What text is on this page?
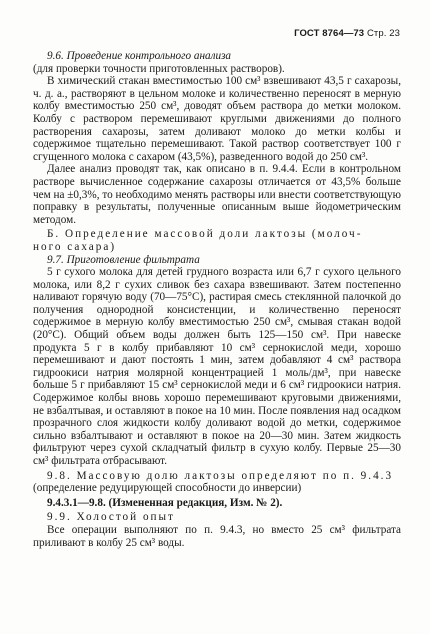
ГОСТ 8764—73 Стр. 23

9.6. Проведение контрольного анализа

(для проверки точности приготовленных растворов).

В химический стакан вместимостью 100 см³ взвешивают 43,5 г сахарозы, ч. д. а., растворяют в цельном молоке и количественно переносят в мерную колбу вместимостью 250 см³, доводят объем раствора до метки молоком. Колбу с раствором перемешивают круглыми движениями до полного растворения сахарозы, затем доливают молоко до метки колбы и содержимое тщательно перемешивают. Такой раствор соответствует 100 г сгущенного молока с сахаром (43,5%), разведенного водой до 250 см³.

Далее анализ проводят так, как описано в п. 9.4.4. Если в контрольном растворе вычисленное содержание сахарозы отличается от 43,5% больше чем на ±0,3%, то необходимо менять растворы или внести соответствующую поправку в результаты, полученные описанным выше йодометрическим методом.

Б. Определение массовой доли лактозы (молоч-
ного сахара)

9.7. Приготовление фильтрата

5 г сухого молока для детей грудного возраста или 6,7 г сухого цельного молока, или 8,2 г сухих сливок без сахара взвешивают. Затем постепенно наливают горячую воду (70—75°С), растирая смесь стеклянной палочкой до получения однородной консистенции, и количественно переносят содержимое в мерную колбу вместимостью 250 см³, смывая стакан водой (20°С). Общий объем воды должен быть 125—150 см³. При навеске продукта 5 г в колбу прибавляют 10 см³ сернокислой меди, хорошо перемешивают и дают постоять 1 мин, затем добавляют 4 см³ раствора гидроокиси натрия молярной концентрацией 1 моль/дм³, при навеске больше 5 г прибавляют 15 см³ сернокислой меди и 6 см³ гидроокиси натрия. Содержимое колбы вновь хорошо перемешивают круговыми движениями, не взбалтывая, и оставляют в покое на 10 мин. После появления над осадком прозрачного слоя жидкости колбу доливают водой до метки, содержимое сильно взбалтывают и оставляют в покое на 20—30 мин. Затем жидкость фильтруют через сухой складчатый фильтр в сухую колбу. Первые 25—30 см³ фильтрата отбрасывают.

9.8. Массовую долю лактозы определяют по п. 9.4.3

(определение редуцирующей способности до инверсии)

9.4.3.1—9.8. (Измененная редакция, Изм. № 2).

9.9. Холостой опыт

Все операции выполняют по п. 9.4.3, но вместо 25 см³ фильтрата приливают в колбу 25 см³ воды.
